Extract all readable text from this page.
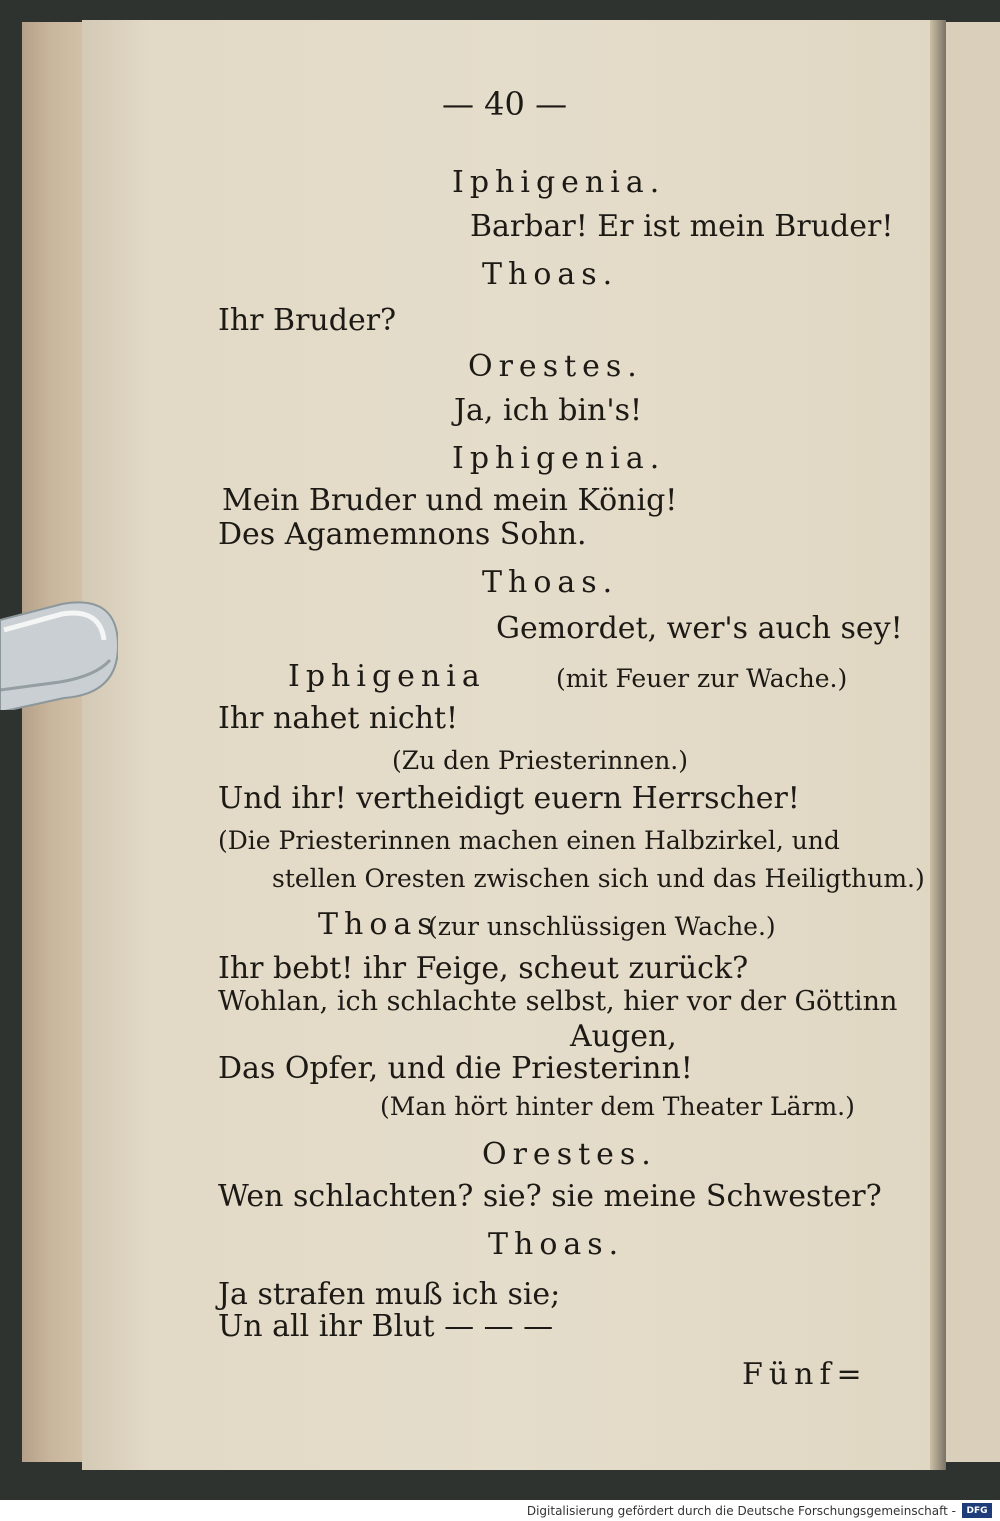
— 40 —
Iphigenia.
Barbar! Er ist mein Bruder!
Thoas.
Ihr Bruder?
Orestes.
Ja, ich bin's!
Iphigenia.
Mein Bruder und mein König!
Des Agamemnons Sohn.
Thoas.
Gemordet, wer's auch sey!
Iphigenia	(mit Feuer zur Wache.)
Ihr nahet nicht!
(Zu den Priesterinnen.)
Und ihr! vertheidigt euern Herrscher!
(Die Priesterinnen machen einen Halbzirkel, und
stellen Oresten zwischen sich und das Heiligthum.)
Thoas
(zur unschlüssigen Wache.)
Ihr bebt! ihr Feige, scheut zurück?
Wohlan, ich schlachte selbst, hier vor der Göttinn
Augen,
Das Opfer, und die Priesterinn!
(Man hört hinter dem Theater Lärm.)
Orestes.
Wen schlachten? sie? sie meine Schwester?
Thoas.
Ja strafen muß ich sie;
Un all ihr Blut — — —
Fünf=
Digitalisierung gefördert durch die Deutsche Forschungsgemeinschaft -	DFG
